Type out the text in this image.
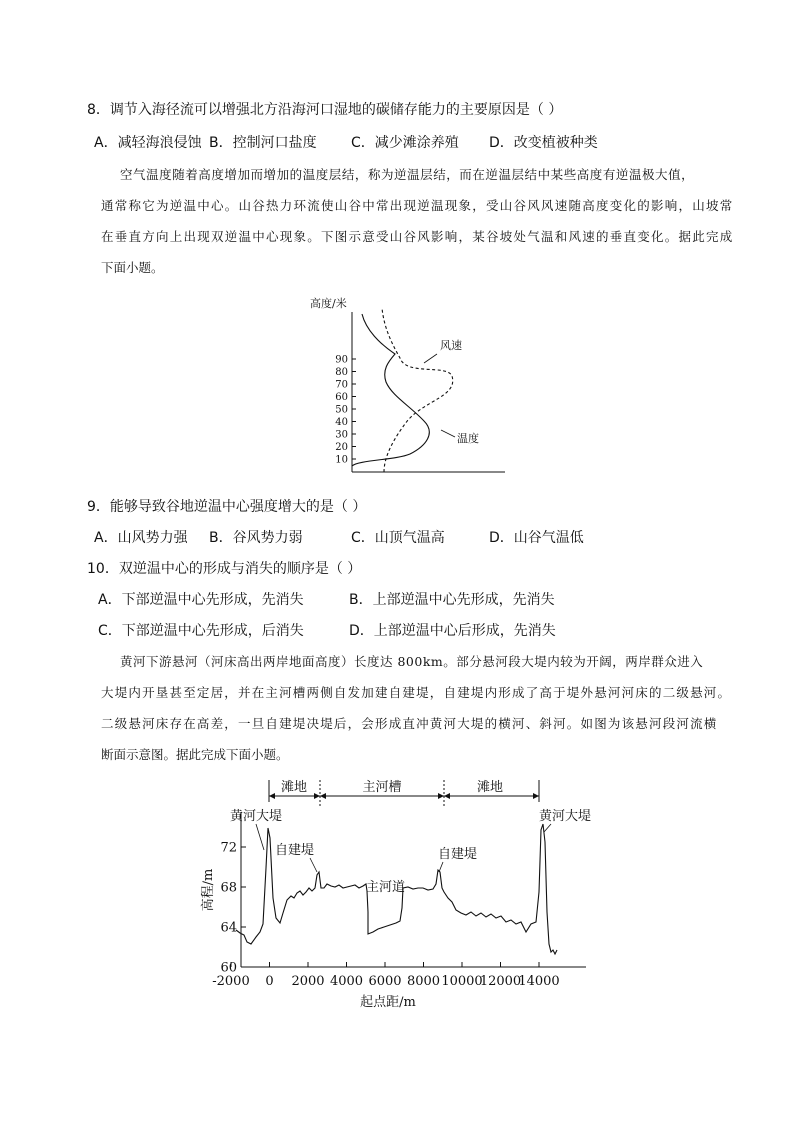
8．调节入海径流可以增强北方沿海河口湿地的碳储存能力的主要原因是（ ）
A．减轻海浪侵蚀 B．控制河口盐度 C．减少滩涂养殖 D．改变植被种类
空气温度随着高度增加而增加的温度层结，称为逆温层结，而在逆温层结中某些高度有逆温极大值，
通常称它为逆温中心。山谷热力环流使山谷中常出现逆温现象，受山谷风风速随高度变化的影响，山坡常
在垂直方向上出现双逆温中心现象。下图示意受山谷风影响，某谷坡处气温和风速的垂直变化。据此完成
下面小题。
高度/米
10
20
30
40
50
60
70
80
90
风速
温度
9．能够导致谷地逆温中心强度增大的是（ ）
A．山风势力强 B．谷风势力弱	C．山顶气温高	D．山谷气温低
10．双逆温中心的形成与消失的顺序是（ ）
A．下部逆温中心先形成，先消失	B．上部逆温中心先形成，先消失
C．下部逆温中心先形成，后消失	D．上部逆温中心后形成，先消失
黄河下游悬河（河床高出两岸地面高度）长度达 800km。部分悬河段大堤内较为开阔，两岸群众进入
大堤内开垦甚至定居，并在主河槽两侧自发加建自建堤，自建堤内形成了高于堤外悬河河床的二级悬河。
二级悬河床存在高差，一旦自建堤决堤后，会形成直冲黄河大堤的横河、斜河。如图为该悬河段河流横
断面示意图。据此完成下面小题。
滩地	主河槽	滩地
60
64
68
72
-2000 0 2000 4000 6000 8000 10000
12000
14000
高程/m
起点距/m
黄河大堤
自建堤
主河道
自建堤
黄河大堤
